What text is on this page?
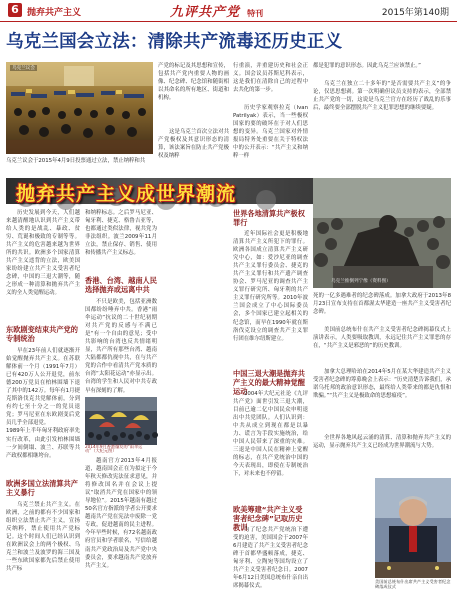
6 抛弃共产主义	九评共产党 特刊	2015年第140期
乌克兰国会立法：清除共产流毒还历史正义
乌克兰议会
乌克兰议会于2015年4月9日投票通过立法，禁止纳粹和共
产党的标记及其思想和宣传，包括共产党内重要人物的画像、纪念碑、纪念馆和随街相以其命名的所有地区、街道和机构。
这是乌克兰首次立法对共产党极权及其意识形态的清算，该法案旨在防止共产党极权及纳粹
行重演，并重建历史和社会正义。国会议员苏斯尼科表示，这是我们在清除自己的过程中去共化的第一步。
历史学家观察拉克（Ivan Patrilyak）表示，当一些极权国家的要的破坏在于对人们思想的变异。乌克兰国家对外情报局特务处重要在关于特权法中的公开表示：“共产主义和纳粹一样
都是犯罪的意识形态。因此乌克兰应该禁止。”
乌克兰在独立二十多年的“是否需要共产主义”的争论，仅思思想剥。第一次明确但议员支持的表示，全部禁止共产党的一切，这说是乌克兰官方在经历了战乱的乐事后，最终要全部摆脱共产主义犯罪思想的继续要疑。
抛弃共产主义成世界潮流
乌克兰推倒列宁像（资料图）
历史发展到今天，人们越来越清醒地认识到共产主义带给人类的是战乱、暴政、贫穷、荒诞和极致的专制等等。共产主义的危害越来越为世界所的共识。欧洲多个国家清算共产主义违背的立法，欧美国家纷纷建立共产主义受害者纪念碑，中国的三退大潮等，随之形成一种清算和抛弃共产主义的全人类觉醒运动。
东欧剧变结束共产党的专制统治
早在23年前人们就逐渐开始觉醒抛弃共产主义。在苏联解体前一个月（1991年7月）已有420万人公开退党，前东德200万党员在柏林围墙下退了其中的142万。每年有1月捷克斯洛伐克共党解体前，分到有约七至十分之一的党员退党；罗马尼亚在东欧剧变后党员几乎全部退党。
1989年上半年匈牙利政府率先实行改革，由此引发柏林围墙一夕间倒塌、波兰、苏联等共产政权都相继垮台。
欧洲多国立法清算共产主义暴行
乌克兰禁止共产主义。在欧洲，之前的都有不少国家和组织立法禁止共产主义，宣扬反纳粹，禁止使用共产党标记。这个时间人们已经认识到在欧洲议会上的两个极权、乌克兰和波兰及波罗的海三国及一些东欧国家都先后禁止使用共产标
和纳粹标志。之后罗马尼亚、匈牙利、捷克、格鲁吉亚等，也都通过类似法律，视共党为非法组织。波兰2009年11月立法，禁止保存、销售、使用和传播共产主义标志。
香港、台湾、越南人民选择抛弃或远离中共
不只是欧美，包括亚洲数国都纷纷唾弃中共。香港“雨伞运动”抗议的二十世纪初期对共产党的反感与不满已是“有一个自由的意见；受中共影响的台湾也反共情绪明显，共产所有那些台湾、越南大陆都都仇视中共，在与共产党的合作中看清共产党本质的台湾“太阳花运动”亦显示出。台湾的学生和人民对中共专政早有深刻的了解。
2014年9月香港爆发的“雨伞运动”（大纪元图）
越南官方2013年4月报道，越南国会正在为拟定于今年秋天修改宪法征求意见，并将修改国名并在会议上提议“取消共产党在国家中的领导地位”。2015年越南有越过50名官方指派的学者公开要求越南共产党在宪法中废除一党专政，促进越南的民主进程。今年早些时候，有72名越南政府官员和学者联名，写信给越南共产党政治局及共产党中央委员会，要求越南共产党放弃共产主义。
世界各地清算共产极权罪行
近年国际社会更是积极地清算共产主义所犯下的罪行。欧洲各国成立清算共产主义研究中心，如：爱沙尼亚的调查共产主义罪行委员会、捷克的共产主义罪行和共产遗产调查协会、罗马尼亚的调查共产主义罪行研究所、匈牙利的共产主义罪行研究所等。2010年波兰国会成立了中心国际委员会，多个国家已建立起相关的纪念馆，而早在1990年就在斯洛伐克设立的调查共产主义罪行团在维尔纽斯建立。
中国三退大潮是抛弃共产主义的最大精神觉醒运动
2004年大纪元社论《九评共产党》面世引发三退大潮，目前已逾二亿中国民众申明退出中共党团队。人们认识到：中共从成立到现在都是以暴力、谎言为手段实施统治，给中国人民带来了深重的灾难。三退是中国人民在精神上觉醒的标志，在共产党统治中国的今天表现出，即使在专制统治下，对未来也不停留。
欧美筹建“共产主义受害者纪念碑”记取历史教训
为了纪念共产党统治下遭受的迫害，美国国会于2007年6月建造了共产主义受害者纪念碑于首都华盛顿落成，捷克、匈牙利、立陶宛等国均设立了共产主义受害者纪念日。2007年6月12日美国总统布什亲自出席揭幕仪式。
死的一亿多遇难者的纪念碑落成。加拿大政府于2013年8月23日宣布支持在首都渥太华建造一座共产主义受害者纪念碑。
美国前总统布什在共产主义受害者纪念碑揭幕仪式上演讲表示，人类要吸取教训，永远记住共产主义罪恶的存在，“共产主义是邪恶的”的历史教训。
加拿大总理哈珀在2014年5月在某大华建造共产主义受害者纪念碑的筹募晚会上表示：“历史清楚告诉我们，承诺乌托邦的政治意识形态，最终给人类带来的都是仇恨和欺骗。”“共产主义是极致命的思想瘟疫”。
全世界各地风起云涌的清算、清算和抛弃共产主义的运动，显示抛弃共产主义已经成为世界潮流与大势。
美国前总统布什出席共产主义受害者纪念碑落成仪式
